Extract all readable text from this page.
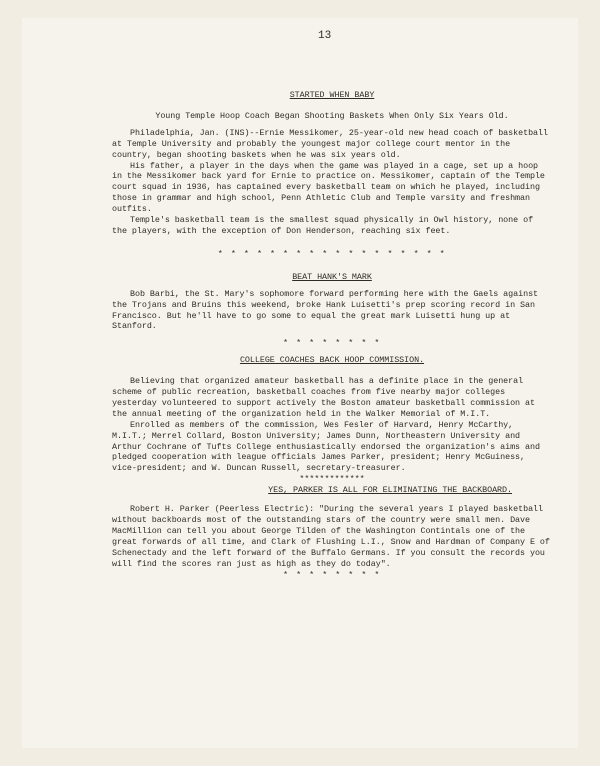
13

STARTED WHEN BABY

Young Temple Hoop Coach Began Shooting Baskets When Only Six Years Old.

Philadelphia, Jan. (INS)--Ernie Messikomer, 25-year-old new head coach of basketball at Temple University and probably the youngest major college court mentor in the country, began shooting baskets when he was six years old.

His father, a player in the days when the game was played in a cage, set up a hoop in the Messikomer back yard for Ernie to practice on. Messikomer, captain of the Temple court squad in 1936, has captained every basketball team on which he played, including those in grammar and high school, Penn Athletic Club and Temple varsity and freshman outfits.

Temple's basketball team is the smallest squad physically in Owl history, none of the players, with the exception of Don Henderson, reaching six feet.

* * * * * * * * * * * * * * * * * *

BEAT HANK'S MARK

Bob Barbi, the St. Mary's sophomore forward performing here with the Gaels against the Trojans and Bruins this weekend, broke Hank Luisetti's prep scoring record in San Francisco. But he'll have to go some to equal the great mark Luisetti hung up at Stanford.

* * * * * * * *

COLLEGE COACHES BACK HOOP COMMISSION.

Believing that organized amateur basketball has a definite place in the general scheme of public recreation, basketball coaches from five nearby major colleges yesterday volunteered to support actively the Boston amateur basketball commission at the annual meeting of the organization held in the Walker Memorial of M.I.T.

Enrolled as members of the commission, Wes Fesler of Harvard, Henry McCarthy, M.I.T.; Merrel Collard, Boston University; James Dunn, Northeastern University and Arthur Cochrane of Tufts College enthusiastically endorsed the organization's aims and pledged cooperation with league officials James Parker, president; Henry McGuiness, vice-president; and W. Duncan Russell, secretary-treasurer.

*************

YES, PARKER IS ALL FOR ELIMINATING THE BACKBOARD.

Robert H. Parker (Peerless Electric): "During the several years I played basketball without backboards most of the outstanding stars of the country were small men. Dave MacMillion can tell you about George Tilden of the Washington Contintals one of the great forwards of all time, and Clark of Flushing L.I., Snow and Hardman of Company E of Schenectady and the left forward of the Buffalo Germans. If you consult the records you will find the scores ran just as high as they do today".

* * * * * * * *
